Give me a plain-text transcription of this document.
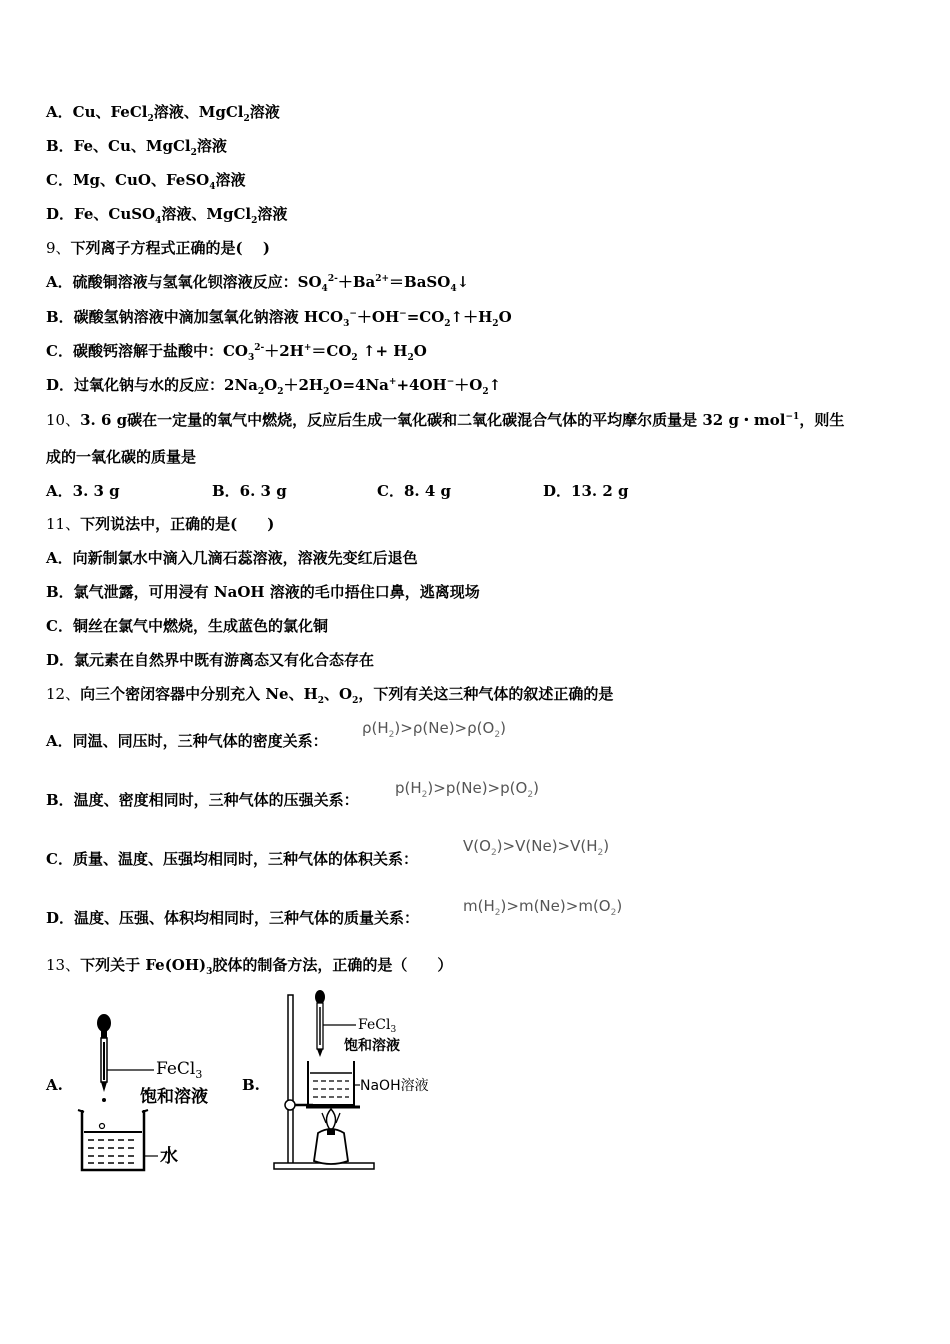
A．Cu、FeCl$_2$溶液、MgCl$_2$溶液
B．Fe、Cu、MgCl$_2$溶液
C．Mg、CuO、FeSO$_4$溶液
D．Fe、CuSO$_4$溶液、MgCl$_2$溶液
9、下列离子方程式正确的是(　 )
A．硫酸铜溶液与氢氧化钡溶液反应：$SO_4^{2-}+Ba^{2+}=BaSO_4↓$
B．碳酸氢钠溶液中滴加氢氧化钠溶液 $HCO_3^-+OH^-=CO_2↑+H_2O$
C．碳酸钙溶解于盐酸中：$CO_3^{2-}+2H^+=CO_2$ ↑+ $H_2O$
D．过氧化钠与水的反应：$2Na_2O_2+2H_2O=4Na^++4OH^-+O_2↑$
10、3. 6 g碳在一定量的氧气中燃烧，反应后生成一氧化碳和二氧化碳混合气体的平均摩尔质量是 32 g・mol$^{-1}$，则生
成的一氧化碳的质量是
A．3. 3 g	B．6. 3 g	C．8. 4 g	D．13. 2 g
11、下列说法中，正确的是(　　)
A．向新制氯水中滴入几滴石蕊溶液，溶液先变红后退色
B．氯气泄露，可用浸有 NaOH 溶液的毛巾捂住口鼻，逃离现场
C．铜丝在氯气中燃烧，生成蓝色的氯化铜
D．氯元素在自然界中既有游离态又有化合态存在
12、向三个密闭容器中分别充入 Ne、$H_2$、$O_2$，下列有关这三种气体的叙述正确的是
A．同温、同压时，三种气体的密度关系：
$\rho(H_2)>\rho(Ne)>\rho(O_2)$
B．温度、密度相同时，三种气体的压强关系：
$p(H_2)>p(Ne)>p(O_2)$
C．质量、温度、压强均相同时，三种气体的体积关系：
$V(O_2)>V(Ne)>V(H_2)$
D．温度、压强、体积均相同时，三种气体的质量关系：
$m(H_2)>m(Ne)>m(O_2)$
13、下列关于 $Fe(OH)_3$胶体的制备方法，正确的是（　　）
A.
FeCl$_3$
饱和溶液
水
B.
FeCl$_3$
饱和溶液
NaOH溶液
